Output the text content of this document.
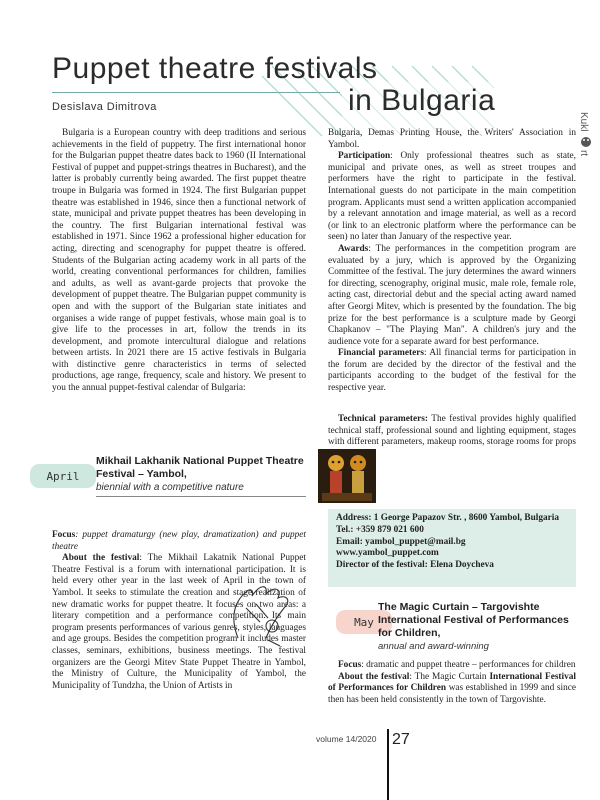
Puppet theatre festivals
in Bulgaria
Desislava Dimitrova
Kukl
rt

Bulgaria is a European country with deep traditions and serious achievements in the field of puppetry. The first international honor for the Bulgarian puppet theatre dates back to 1960 (II International Festival of puppet and puppet-strings theatres in Bucharest), and the latter is probably currently being awarded. The first puppet theatre troupe in Bulgaria was formed in 1924. The first Bulgarian puppet theatre was established in 1946, since then a functional network of state, municipal and private puppet theatres has been developing in the country. The first Bulgarian international festival was established in 1971. Since 1962 a professional higher education for acting, directing and scenography for puppet theatre is offered. Students of the Bulgarian acting academy work in all parts of the world, creating conventional performances for children, families and adults, as well as avant-garde projects that provoke the development of puppet theatre. The Bulgarian puppet community is open and with the support of the Bulgarian state initiates and organises a wide range of puppet festivals, whose main goal is to give life to the processes in art, follow the trends in its development, and promote intercultural dialogue and relations between artists. In 2021 there are 15 active festivals in Bulgaria with distinctive genre characteristics in terms of selected productions, age range, frequency, scale and history. We present to you the annual puppet-festival calendar of Bulgaria:

April
Mikhail Lakhanik National Puppet Theatre Festival – Yambol,
biennial with a competitive nature

Focus: puppet dramaturgy (new play, dramatization) and puppet theatre

About the festival: The Mikhail Lakatnik National Puppet Theatre Festival is a forum with international participation. It is held every other year in the last week of April in the town of Yambol. It seeks to stimulate the creation and stage realization of new dramatic works for puppet theatre. It focuses on two areas: a literary competition and a performance competition. Its main program presents performances of various genres, styles, languages and age groups. Besides the competition program it includes master classes, seminars, exhibitions, business meetings. The festival organizers are the Georgi Mitev State Puppet Theatre in Yambol, the Ministry of Culture, the Municipality of Yambol, the Municipality of Tundzha, the Union of Artists in

Bulgaria, Demas Printing House, the Writers' Association in Yambol.

Participation: Only professional theatres such as state, municipal and private ones, as well as street troupes and performers have the right to participate in the festival. International guests do not participate in the main competition program. Applicants must send a written application accompanied by a relevant annotation and image material, as well as a record (or link to an electronic platform where the performance can be seen) no later than January of the respective year.

Awards: The performances in the competition program are evaluated by a jury, which is approved by the Organizing Committee of the festival. The jury determines the award winners for directing, scenography, original music, male role, female role, acting cast, directorial debut and the special acting award named after Georgi Mitev, which is presented by the foundation. The big prize for the best performance is a sculpture made by Georgi Chapkanov – "The Playing Man". A children's jury and the audience vote for a separate award for best performance.

Financial parameters: All financial terms for participation in the forum are decided by the director of the festival and the participants according to the budget of the festival for the respective year.

Technical parameters: The festival provides highly qualified technical staff, professional sound and lighting equipment, stages with different parameters, makeup rooms, storage rooms for props

Address: 1 George Papazov Str. , 8600 Yambol, Bulgaria
Tel.: +359 879 021 600
Email: yambol_puppet@mail.bg
www.yambol_puppet.com
Director of the festival: Elena Doycheva
May
The Magic Curtain – Targovishte International Festival of Performances for Children,
annual and award-winning

Focus: dramatic and puppet theatre – performances for children

About the festival: The Magic Curtain International Festival of Performances for Children was established in 1999 and since then has been held consistently in the town of Targovishte.

volume 14/2020 27
